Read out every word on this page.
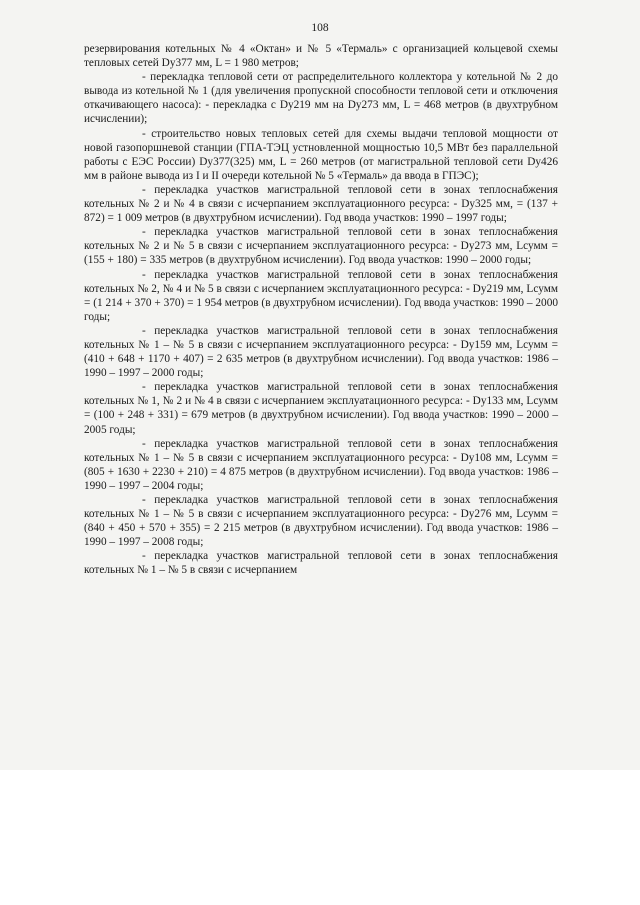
108

резервирования котельных № 4 «Октан» и № 5 «Термаль» с организацией кольцевой схемы тепловых сетей Dy377 мм, L = 1 980 метров;

- перекладка тепловой сети от распределительного коллектора у котельной № 2 до вывода из котельной № 1 (для увеличения пропускной способности тепловой сети и отключения откачивающего насоса): - перекладка с Dy219 мм на Dy273 мм, L = 468 метров (в двухтрубном исчислении);

- строительство новых тепловых сетей для схемы выдачи тепловой мощности от новой газопоршневой станции (ГПА-ТЭЦ устновленной мощностью 10,5 МВт без параллельной работы с ЕЭС России) Dy377(325) мм, L = 260 метров (от магистральной тепловой сети Dy426 мм в районе вывода из I и II очереди котельной № 5 «Термаль» да ввода в ГПЭС);

- перекладка участков магистральной тепловой сети в зонах теплоснабжения котельных № 2 и № 4 в связи с исчерпанием эксплуатационного ресурса: - Dy325 мм, = (137 + 872) = 1 009 метров (в двухтрубном исчислении). Год ввода участков: 1990 – 1997 годы;

- перекладка участков магистральной тепловой сети в зонах теплоснабжения котельных № 2 и № 5 в связи с исчерпанием эксплуатационного ресурса: - Dy273 мм, Lсумм = (155 + 180) = 335 метров (в двухтрубном исчислении). Год ввода участков: 1990 – 2000 годы;

- перекладка участков магистральной тепловой сети в зонах теплоснабжения котельных № 2, № 4 и № 5 в связи с исчерпанием эксплуатационного ресурса: - Dy219 мм, Lсумм = (1 214 + 370 + 370) = 1 954 метров (в двухтрубном исчислении). Год ввода участков: 1990 – 2000 годы;

- перекладка участков магистральной тепловой сети в зонах теплоснабжения котельных № 1 – № 5 в связи с исчерпанием эксплуатационного ресурса: - Dy159 мм, Lсумм = (410 + 648 + 1170 + 407) = 2 635 метров (в двухтрубном исчислении). Год ввода участков: 1986 – 1990 – 1997 – 2000 годы;

- перекладка участков магистральной тепловой сети в зонах теплоснабжения котельных № 1, № 2 и № 4 в связи с исчерпанием эксплуатационного ресурса: - Dy133 мм, Lсумм = (100 + 248 + 331) = 679 метров (в двухтрубном исчислении). Год ввода участков: 1990 – 2000 – 2005 годы;

- перекладка участков магистральной тепловой сети в зонах теплоснабжения котельных № 1 – № 5 в связи с исчерпанием эксплуатационного ресурса: - Dy108 мм, Lсумм = (805 + 1630 + 2230 + 210) = 4 875 метров (в двухтрубном исчислении). Год ввода участков: 1986 – 1990 – 1997 – 2004 годы;

- перекладка участков магистральной тепловой сети в зонах теплоснабжения котельных № 1 – № 5 в связи с исчерпанием эксплуатационного ресурса: - Dy276 мм, Lсумм = (840 + 450 + 570 + 355) = 2 215 метров (в двухтрубном исчислении). Год ввода участков: 1986 – 1990 – 1997 – 2008 годы;

- перекладка участков магистральной тепловой сети в зонах теплоснабжения котельных № 1 – № 5 в связи с исчерпанием
